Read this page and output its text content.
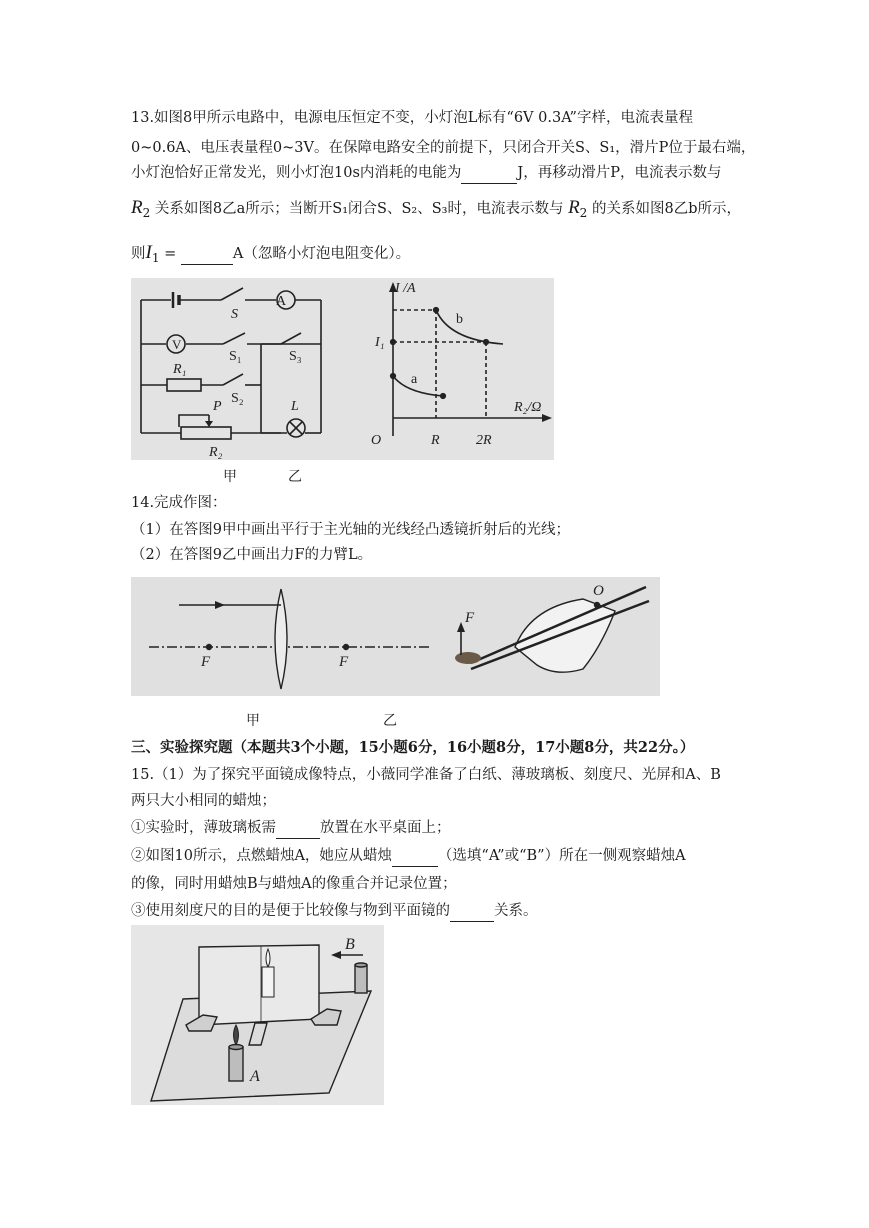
13.如图8甲所示电路中，电源电压恒定不变，小灯泡L标有“6V 0.3A”字样，电流表量程
0~0.6A、电压表量程0~3V。在保障电路安全的前提下，只闭合开关S、S₁，滑片P位于最右端，
小灯泡恰好正常发光，则小灯泡10s内消耗的电能为	J，再移动滑片P，电流表示数与
$R_2$ 关系如图8乙a所示；当断开S₁闭合S、S₂、S₃时，电流表示数与 $R_2$ 的关系如图8乙b所示，
则$I_1$ =	A（忽略小灯泡电阻变化）。
A
V
S
S₁	S₃
S₂
R₁
P
R₂
L
I /A
R₂/Ω
O
I₁
R	2R
a
b
甲	乙
14.完成作图：
（1）在答图9甲中画出平行于主光轴的光线经凸透镜折射后的光线；
（2）在答图9乙中画出力F的力臂L。
F	F
F
O
甲	乙
三、实验探究题（本题共3个小题，15小题6分，16小题8分，17小题8分，共22分。）
15.（1）为了探究平面镜成像特点，小薇同学准备了白纸、薄玻璃板、刻度尺、光屏和A、B
两只大小相同的蜡烛；
①实验时，薄玻璃板需	放置在水平桌面上；
②如图10所示，点燃蜡烛A，她应从蜡烛	（选填“A”或“B”）所在一侧观察蜡烛A
的像，同时用蜡烛B与蜡烛A的像重合并记录位置；
③使用刻度尺的目的是便于比较像与物到平面镜的	关系。
A
B
